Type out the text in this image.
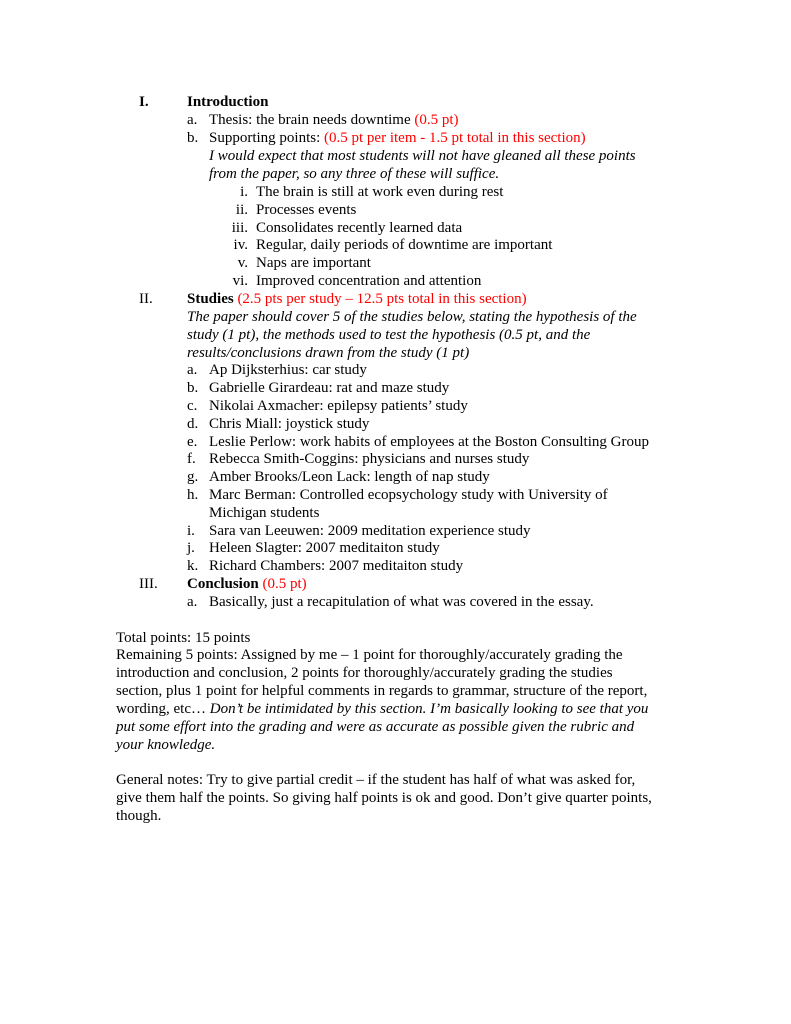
I.	Introduction
a. Thesis: the brain needs downtime (0.5 pt)
b. Supporting points: (0.5 pt per item - 1.5 pt total in this section)
I would expect that most students will not have gleaned all these points
from the paper, so any three of these will suffice.
i. The brain is still at work even during rest
ii. Processes events
iii. Consolidates recently learned data
iv. Regular, daily periods of downtime are important
v. Naps are important
vi. Improved concentration and attention
II. Studies (2.5 pts per study – 12.5 pts total in this section)
The paper should cover 5 of the studies below, stating the hypothesis of the
study (1 pt), the methods used to test the hypothesis (0.5 pt, and the
results/conclusions drawn from the study (1 pt)
a. Ap Dijksterhius: car study
b. Gabrielle Girardeau: rat and maze study
c. Nikolai Axmacher: epilepsy patients’ study
d. Chris Miall: joystick study
e. Leslie Perlow: work habits of employees at the Boston Consulting Group
f. Rebecca Smith-Coggins: physicians and nurses study
g. Amber Brooks/Leon Lack: length of nap study
h. Marc Berman: Controlled ecopsychology study with University of
Michigan students
i. Sara van Leeuwen: 2009 meditation experience study
j. Heleen Slagter: 2007 meditaiton study
k. Richard Chambers: 2007 meditaiton study
III. Conclusion (0.5 pt)
a. Basically, just a recapitulation of what was covered in the essay.
Total points: 15 points
Remaining 5 points: Assigned by me – 1 point for thoroughly/accurately grading the
introduction and conclusion, 2 points for thoroughly/accurately grading the studies
section, plus 1 point for helpful comments in regards to grammar, structure of the report,
wording, etc… Don’t be intimidated by this section. I’m basically looking to see that you
put some effort into the grading and were as accurate as possible given the rubric and
your knowledge.
General notes: Try to give partial credit – if the student has half of what was asked for,
give them half the points. So giving half points is ok and good. Don’t give quarter points,
though.
